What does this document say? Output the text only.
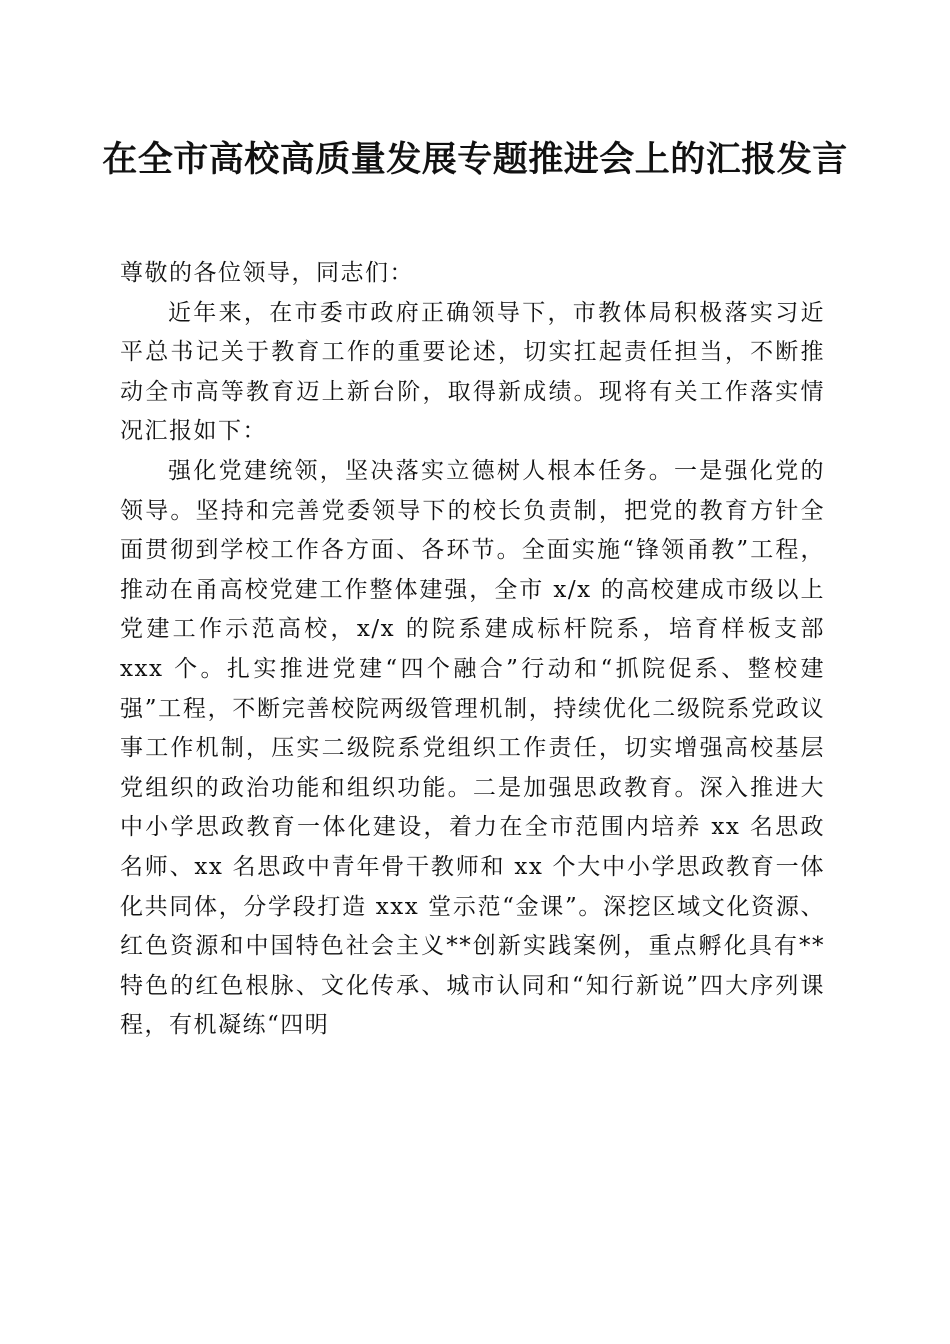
在全市高校高质量发展专题推进会上的汇报发言

尊敬的各位领导，同志们：

近年来，在市委市政府正确领导下，市教体局积极落实习近平总书记关于教育工作的重要论述，切实扛起责任担当，不断推动全市高等教育迈上新台阶，取得新成绩。现将有关工作落实情况汇报如下：

强化党建统领，坚决落实立德树人根本任务。一是强化党的领导。坚持和完善党委领导下的校长负责制，把党的教育方针全面贯彻到学校工作各方面、各环节。全面实施“锋领甬教”工程，推动在甬高校党建工作整体建强，全市 x/x 的高校建成市级以上党建工作示范高校，x/x 的院系建成标杆院系，培育样板支部 xxx 个。扎实推进党建“四个融合”行动和“抓院促系、整校建强”工程，不断完善校院两级管理机制，持续优化二级院系党政议事工作机制，压实二级院系党组织工作责任，切实增强高校基层党组织的政治功能和组织功能。二是加强思政教育。深入推进大中小学思政教育一体化建设，着力在全市范围内培养 xx 名思政名师、xx 名思政中青年骨干教师和 xx 个大中小学思政教育一体化共同体，分学段打造 xxx 堂示范“金课”。深挖区域文化资源、红色资源和中国特色社会主义**创新实践案例，重点孵化具有**特色的红色根脉、文化传承、城市认同和“知行新说”四大序列课程，有机凝练“四明
